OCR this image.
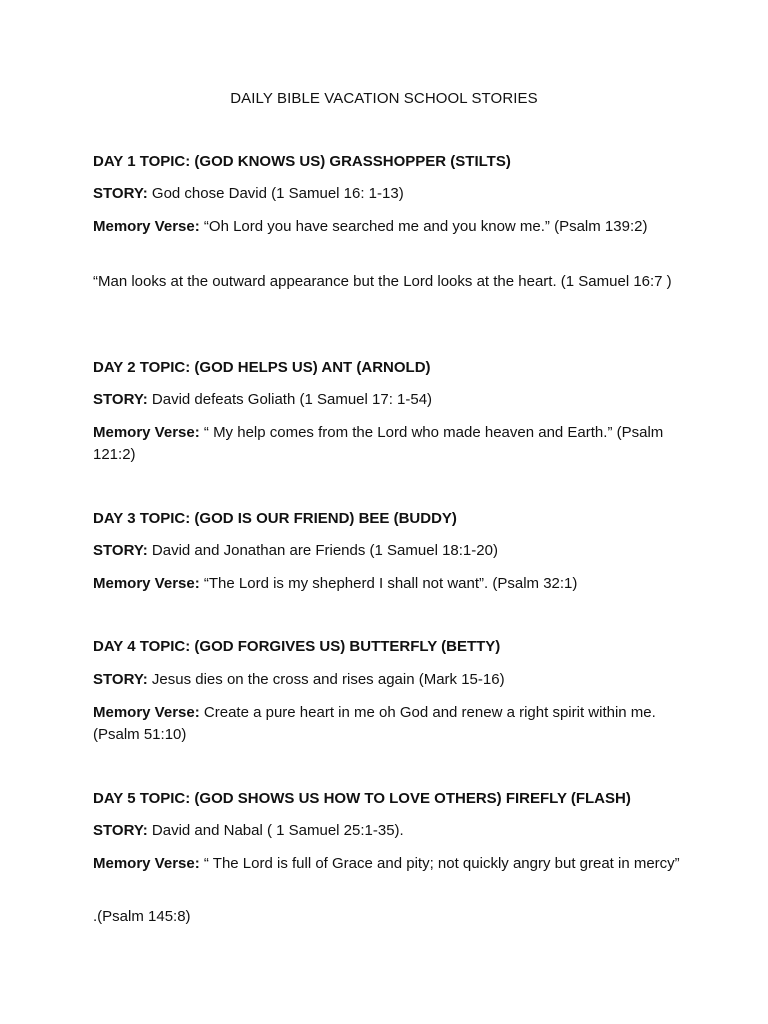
DAILY BIBLE VACATION SCHOOL STORIES

DAY 1 TOPIC: (GOD KNOWS US) GRASSHOPPER (STILTS)

STORY: God chose David (1 Samuel 16: 1-13)

Memory Verse: “Oh Lord you have searched me and you know me.” (Psalm 139:2)

“Man looks at the outward appearance but the Lord looks at the heart. (1 Samuel 16:7 )

DAY 2 TOPIC: (GOD HELPS US) ANT (ARNOLD)

STORY: David defeats Goliath (1 Samuel 17: 1-54)

Memory Verse: “ My help comes from the Lord who made heaven and Earth.” (Psalm 121:2)

DAY 3 TOPIC: (GOD IS OUR FRIEND) BEE (BUDDY)

STORY: David and Jonathan are Friends (1 Samuel 18:1-20)

Memory Verse: “The Lord is my shepherd I shall not want”. (Psalm 32:1)

DAY 4 TOPIC: (GOD FORGIVES US) BUTTERFLY (BETTY)

STORY: Jesus dies on the cross and rises again (Mark 15-16)

Memory Verse: Create a pure heart in me oh God and renew a right spirit within me. (Psalm 51:10)

DAY 5 TOPIC: (GOD SHOWS US HOW TO LOVE OTHERS) FIREFLY (FLASH)

STORY: David and Nabal ( 1 Samuel 25:1-35).

Memory Verse: “ The Lord is full of Grace and pity; not quickly angry but great in mercy”

.(Psalm 145:8)
